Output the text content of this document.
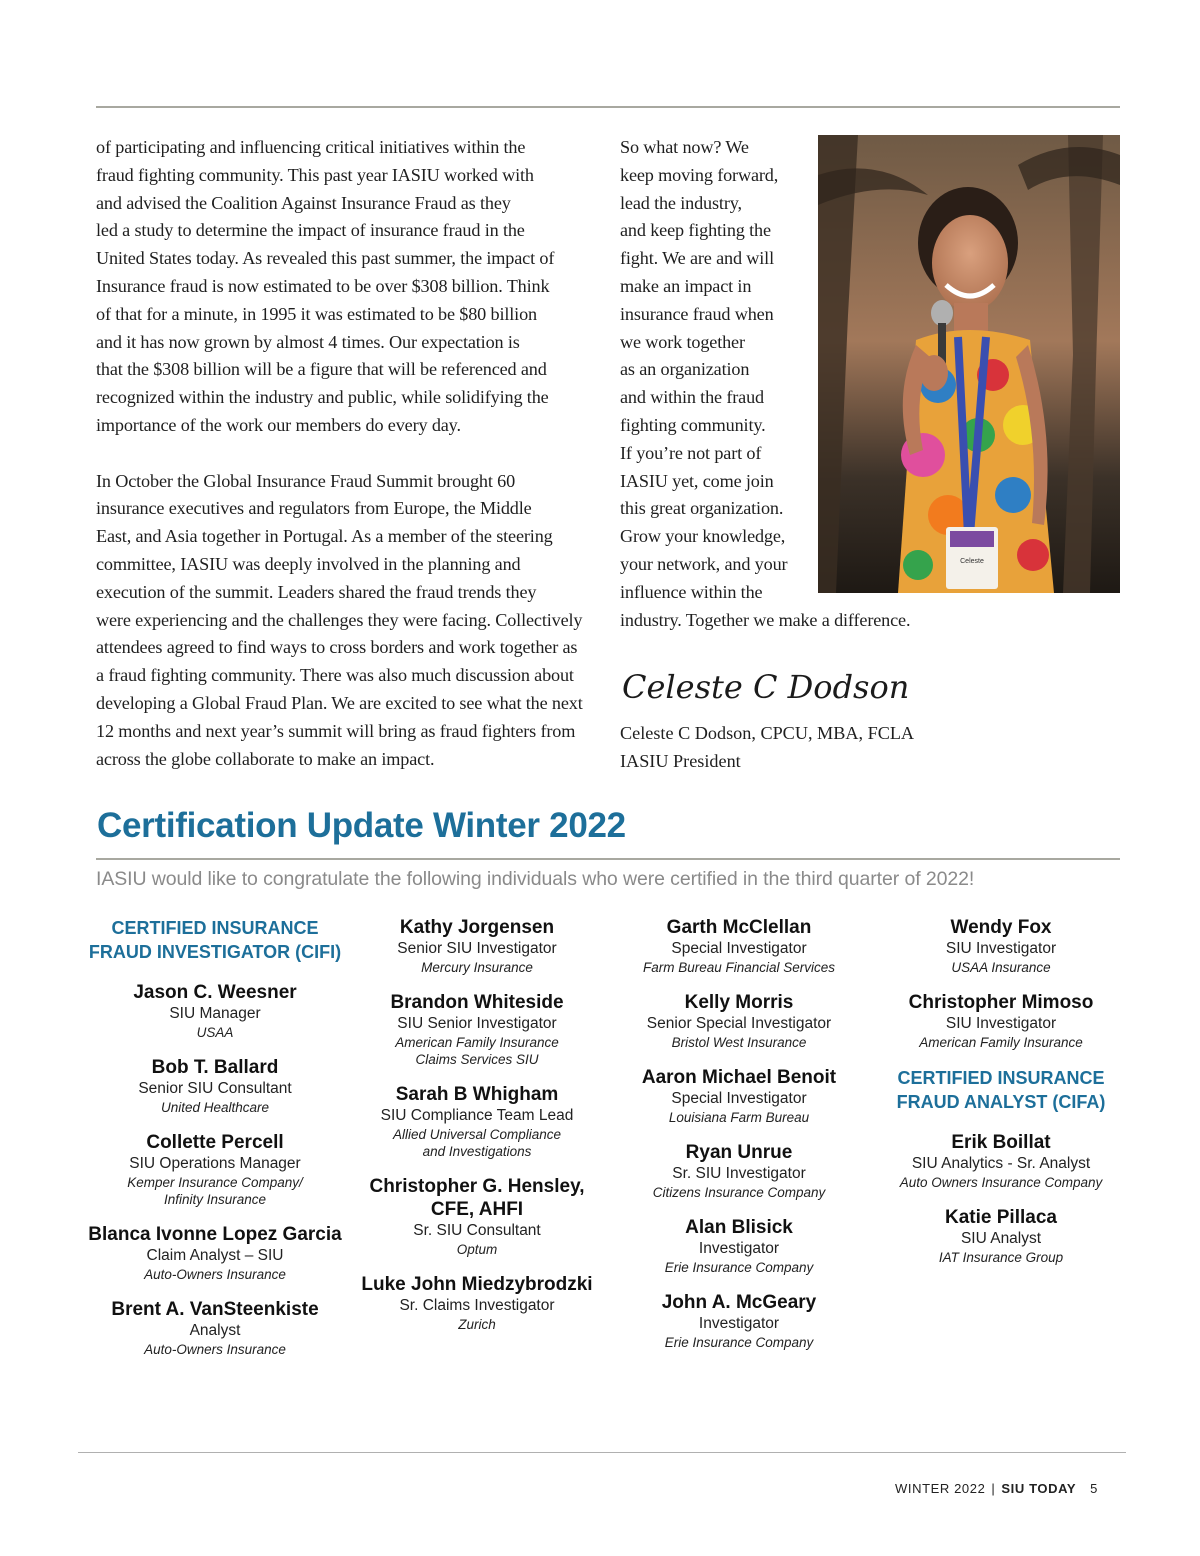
of participating and influencing critical initiatives within the
fraud fighting community. This past year IASIU worked with
and advised the Coalition Against Insurance Fraud as they
led a study to determine the impact of insurance fraud in the
United States today. As revealed this past summer, the impact of
Insurance fraud is now estimated to be over $308 billion. Think
of that for a minute, in 1995 it was estimated to be $80 billion
and it has now grown by almost 4 times. Our expectation is
that the $308 billion will be a figure that will be referenced and
recognized within the industry and public, while solidifying the
importance of the work our members do every day.

In October the Global Insurance Fraud Summit brought 60
insurance executives and regulators from Europe, the Middle
East, and Asia together in Portugal. As a member of the steering
committee, IASIU was deeply involved in the planning and
execution of the summit. Leaders shared the fraud trends they
were experiencing and the challenges they were facing. Collectively
attendees agreed to find ways to cross borders and work together as
a fraud fighting community. There was also much discussion about
developing a Global Fraud Plan. We are excited to see what the next
12 months and next year’s summit will bring as fraud fighters from
across the globe collaborate to make an impact.

So what now? We
keep moving forward,
lead the industry,
and keep fighting the
fight. We are and will
make an impact in
insurance fraud when
we work together
as an organization
and within the fraud
fighting community.
If you’re not part of
IASIU yet, come join
this great organization.
Grow your knowledge,
your network, and your
influence within the
industry. Together we make a difference.

Celeste
Celeste C Dodson
Celeste C Dodson, CPCU, MBA, FCLA
IASIU President
Certification Update Winter 2022
IASIU would like to congratulate the following individuals who were certified in the third quarter of 2022!
CERTIFIED INSURANCE FRAUD INVESTIGATOR (CIFI)
Jason C. Weesner
SIU Manager
USAA
Bob T. Ballard
Senior SIU Consultant
United Healthcare
Collette Percell
SIU Operations Manager
Kemper Insurance Company/
Infinity Insurance
Blanca Ivonne Lopez Garcia
Claim Analyst – SIU
Auto-Owners Insurance
Brent A. VanSteenkiste
Analyst
Auto-Owners Insurance
Kathy Jorgensen
Senior SIU Investigator
Mercury Insurance
Brandon Whiteside
SIU Senior Investigator
American Family Insurance
Claims Services SIU
Sarah B Whigham
SIU Compliance Team Lead
Allied Universal Compliance
and Investigations
Christopher G. Hensley, CFE, AHFI
Sr. SIU Consultant
Optum
Luke John Miedzybrodzki
Sr. Claims Investigator
Zurich
Garth McClellan
Special Investigator
Farm Bureau Financial Services
Kelly Morris
Senior Special Investigator
Bristol West Insurance
Aaron Michael Benoit
Special Investigator
Louisiana Farm Bureau
Ryan Unrue
Sr. SIU Investigator
Citizens Insurance Company
Alan Blisick
Investigator
Erie Insurance Company
John A. McGeary
Investigator
Erie Insurance Company
Wendy Fox
SIU Investigator
USAA Insurance
Christopher Mimoso
SIU Investigator
American Family Insurance
CERTIFIED INSURANCE FRAUD ANALYST (CIFA)
Erik Boillat
SIU Analytics - Sr. Analyst
Auto Owners Insurance Company
Katie Pillaca
SIU Analyst
IAT Insurance Group
WINTER 2022 | SIU TODAY 5
